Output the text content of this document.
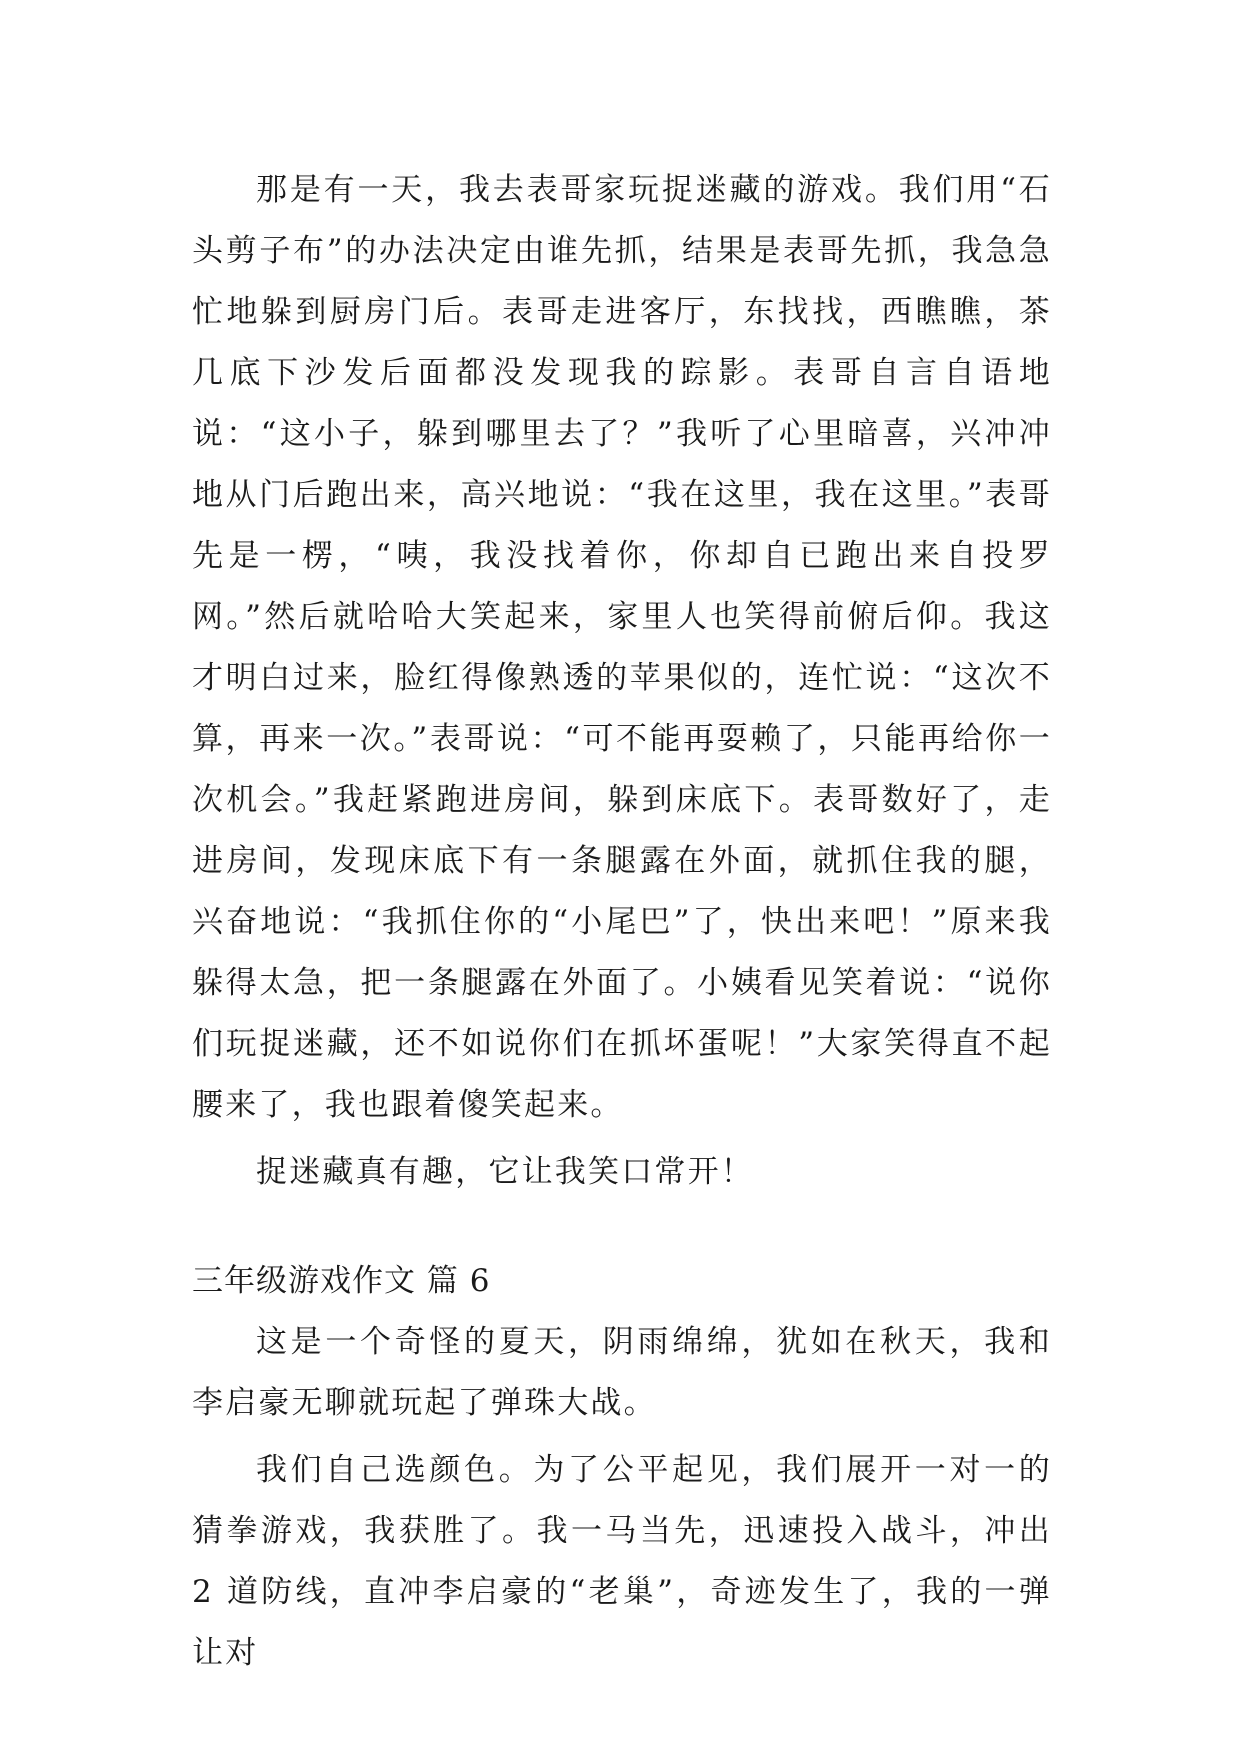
那是有一天，我去表哥家玩捉迷藏的游戏。我们用“石头剪子布”的办法决定由谁先抓，结果是表哥先抓，我急急忙地躲到厨房门后。表哥走进客厅，东找找，西瞧瞧，茶几底下沙发后面都没发现我的踪影。表哥自言自语地说：“这小子，躲到哪里去了？”我听了心里暗喜，兴冲冲地从门后跑出来，高兴地说：“我在这里，我在这里。”表哥先是一楞，“咦，我没找着你，你却自已跑出来自投罗网。”然后就哈哈大笑起来，家里人也笑得前俯后仰。我这才明白过来，脸红得像熟透的苹果似的，连忙说：“这次不算，再来一次。”表哥说：“可不能再耍赖了，只能再给你一次机会。”我赶紧跑进房间，躲到床底下。表哥数好了，走进房间，发现床底下有一条腿露在外面，就抓住我的腿，兴奋地说：“我抓住你的“小尾巴”了，快出来吧！”原来我躲得太急，把一条腿露在外面了。小姨看见笑着说：“说你们玩捉迷藏，还不如说你们在抓坏蛋呢！”大家笑得直不起腰来了，我也跟着傻笑起来。

捉迷藏真有趣，它让我笑口常开！

三年级游戏作文 篇 6

这是一个奇怪的夏天，阴雨绵绵，犹如在秋天，我和李启豪无聊就玩起了弹珠大战。

我们自己选颜色。为了公平起见，我们展开一对一的猜拳游戏，我获胜了。我一马当先，迅速投入战斗，冲出 2 道防线，直冲李启豪的“老巢”，奇迹发生了，我的一弹让对
